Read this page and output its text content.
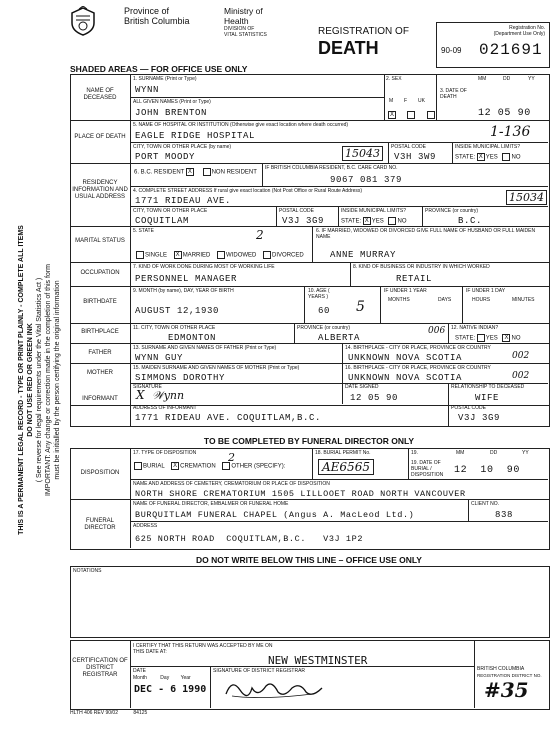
THIS IS A PERMANENT LEGAL RECORD - TYPE OR PRINT PLAINLY - COMPLETE ALL ITEMS DO NOT USE RED OR GREEN INK ( See reverse for legal requirements under the Vital Statistics Act ) IMPORTANT: Any change or correction made in the completion of this form must be initialled by the person certifying the original information
Province of
British Columbia
Ministry of
Health
DIVISION OF
VITAL STATISTICS	REGISTRATION OF
DEATH
Registration No.
(Department Use Only)
90-09 021691
SHADED AREAS — FOR OFFICE USE ONLY
NAME OF DECEASED
PLACE OF DEATH
RESIDENCY INFORMATION AND USUAL ADDRESS
MARITAL STATUS
OCCUPATION
BIRTHDATE
BIRTHPLACE
FATHER
MOTHER
INFORMANT
1. SURNAME (Print or Type)
WYNN
ALL GIVEN NAMES (Print or Type)
JOHN BRENTON
2. SEX
M F UK
X
3. DATE OF DEATH
MM	DD	YY
12 05 90
5. NAME OF HOSPITAL OR INSTITUTION (Otherwise give exact location where death occurred)
EAGLE RIDGE HOSPITAL	1-136
CITY, TOWN OR OTHER PLACE (by name)
PORT MOODY	15043	POSTAL CODE
V3H 3W9
INSIDE MUNICIPAL LIMITS?
STATE: X YES NO
6. B.C. RESIDENT X	NON RESIDENT
IF BRITISH COLUMBIA RESIDENT, B.C. CARE CARD NO.
9067 081 379
4. COMPLETE STREET ADDRESS If rural give exact location (Not Post Office or Rural Route Address)
1771 RIDEAU AVE.	15034
CITY, TOWN OR OTHER PLACE
COQUITLAM
POSTAL CODE
V3J 3G9
INSIDE MUNICIPAL LIMITS?
STATE: X YES NO
PROVINCE (or country)
B.C.
5. STATE	2
SINGLE X MARRIED	WIDOWED	DIVORCED
6. IF MARRIED, WIDOWED OR DIVORCED GIVE FULL NAME OF HUSBAND OR FULL MAIDEN NAME
ANNE MURRAY
7. KIND OF WORK DONE DURING MOST OF WORKING LIFE
PERSONNEL MANAGER
8. KIND OF BUSINESS OR INDUSTRY IN WHICH WORKED
RETAIL
9. MONTH (by name), DAY, YEAR OF BIRTH
AUGUST 12,1930
10. AGE ( YEARS )
60 5
IF UNDER 1 YEAR
MONTHS	DAYS
IF UNDER 1 DAY
HOURS	MINUTES
11. CITY, TOWN OR OTHER PLACE
EDMONTON
PROVINCE (or country)
ALBERTA
006 12. NATIVE INDIAN?
STATE: YES X NO
13. SURNAME AND GIVEN NAMES OF FATHER (Print or Type)
WYNN GUY
14. BIRTHPLACE - CITY OR PLACE, PROVINCE OR COUNTRY
UNKNOWN NOVA SCOTIA	002
15. MAIDEN SURNAME AND GIVEN NAMES OF MOTHER (Print or Type)
SIMMONS DOROTHY
16. BIRTHPLACE - CITY OR PLACE, PROVINCE OR COUNTRY
UNKNOWN NOVA SCOTIA	002
SIGNATURE
X  𝒲ynn
DATE SIGNED
12 05 90
RELATIONSHIP TO DECEASED
WIFE
ADDRESS OF INFORMANT
1771 RIDEAU AVE. COQUITLAM,B.C.
POSTAL CODE
V3J 3G9
TO BE COMPLETED BY FUNERAL DIRECTOR ONLY
DISPOSITION
FUNERAL DIRECTOR
17. TYPE OF DISPOSITION	2
BURIAL X CREMATION	OTHER (SPECIFY):
18. BURIAL PERMIT No.
AE6565
19.
19. DATE OF BURIAL / DISPOSITION
MM	DD	YY
12  10  90
NAME AND ADDRESS OF CEMETERY, CREMATORIUM OR PLACE OF DISPOSITION
NORTH SHORE CREMATORIUM 1505 LILLOOET ROAD NORTH VANCOUVER
NAME OF FUNERAL DIRECTOR, EMBALMER OR FUNERAL HOME
BURQUITLAM FUNERAL CHAPEL (Angus A. MacLeod Ltd.)
CLIENT NO.
838
ADDRESS
625 NORTH ROAD  COQUITLAM,B.C.   V3J 1P2
DO NOT WRITE BELOW THIS LINE – OFFICE USE ONLY
NOTATIONS
CERTIFICATION OF DISTRICT REGISTRAR
I CERTIFY THAT THIS RETURN WAS ACCEPTED BY ME ON THIS DATE AT:
NEW WESTMINSTER
DATE
Month	Day Year
DEC - 6 1990
SIGNATURE OF DISTRICT REGISTRAR	BRITISH COLUMBIA
REGISTRATION DISTRICT NO.
#35
HLTH 406 REV 90/02	84125
